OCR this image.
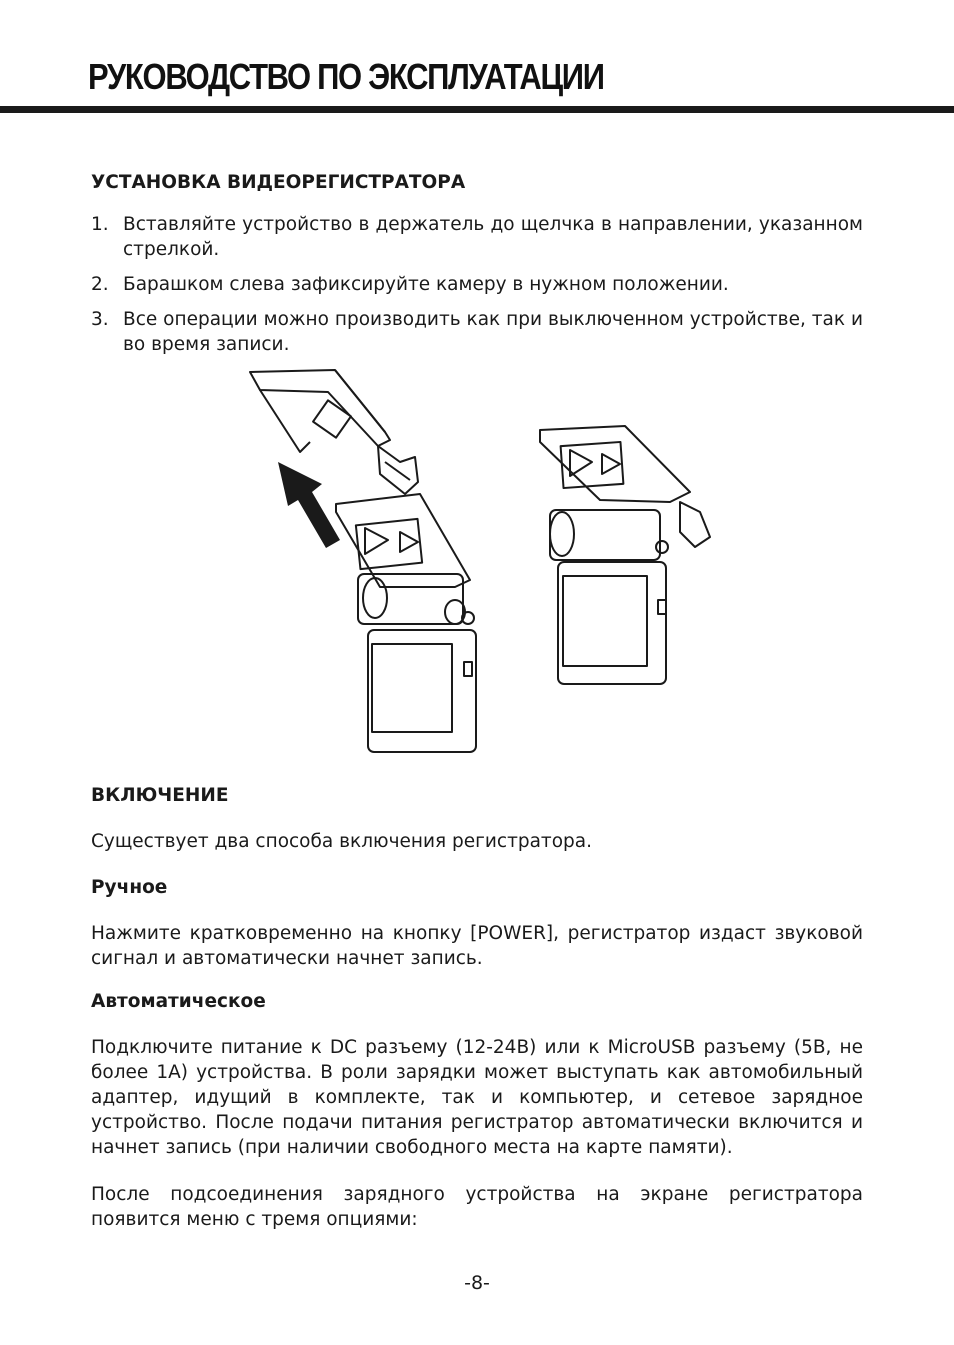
РУКОВОДСТВО ПО ЭКСПЛУАТАЦИИ
УСТАНОВКА ВИДЕОРЕГИСТРАТОРА
1. Вставляйте устройство в держатель до щелчка в направлении, указанном стрелкой.
2. Барашком слева зафиксируйте камеру в нужном положении.
3. Все операции можно производить как при выключенном устройстве, так и во время записи.
ВКЛЮЧЕНИЕ

Существует два способа включения регистратора.

Ручное

Нажмите кратковременно на кнопку [POWER], регистратор издаст звуковой сигнал и автоматически начнет запись.

Автоматическое

Подключите питание к DC разъему (12-24В) или к MicroUSB разъему (5В, не более 1А) устройства. В роли зарядки может выступать как автомобильный адаптер, идущий в комплекте, так и компьютер, и сетевое зарядное устройство. После подачи питания регистратор автоматически включится и начнет запись (при наличии свободного места на карте памяти).

После подсоединения зарядного устройства на экране регистратора появится меню с тремя опциями:

-8-
